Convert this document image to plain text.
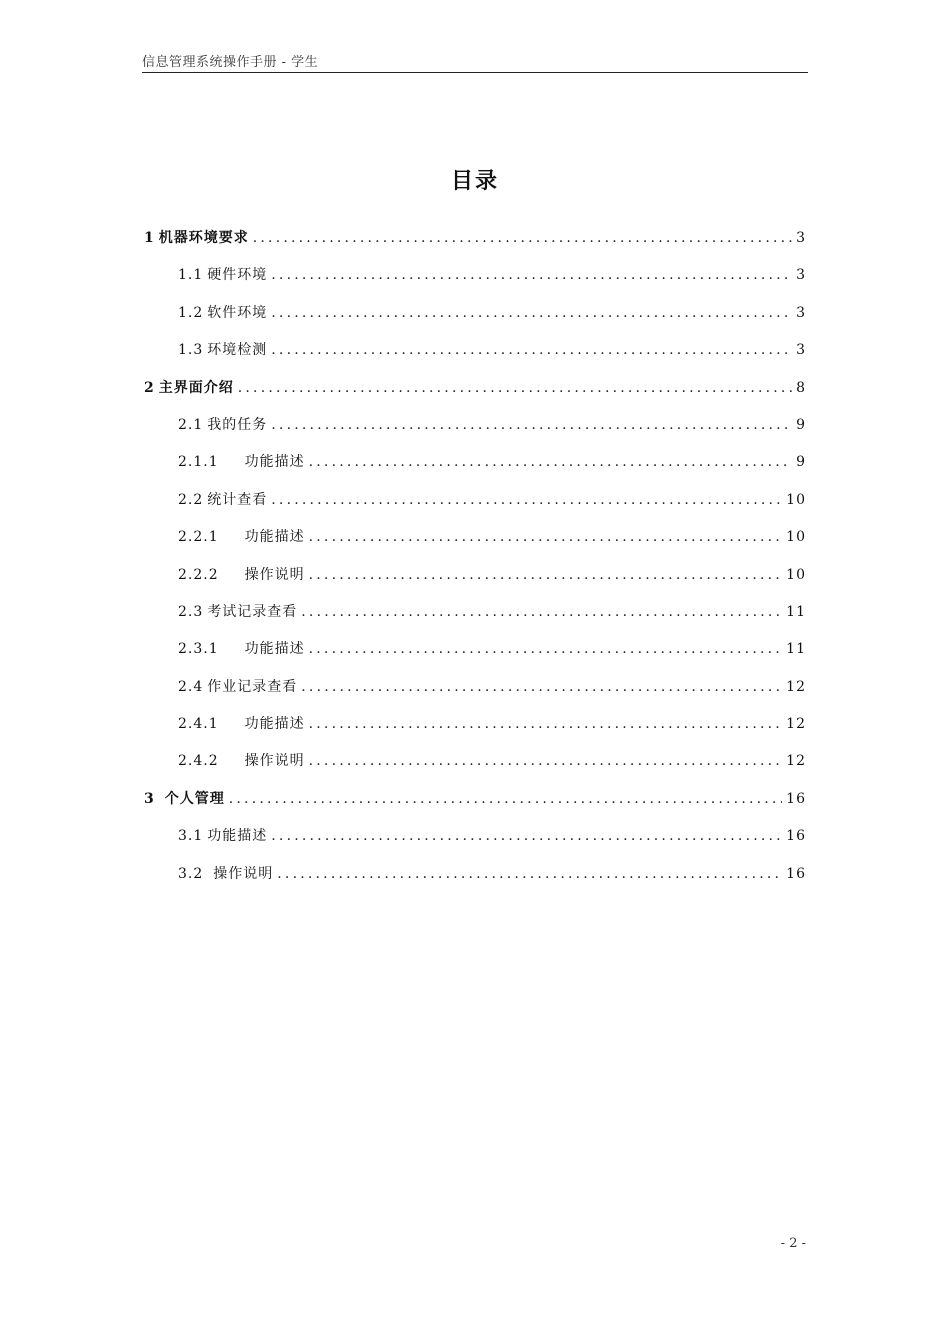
信息管理系统操作手册 - 学生
目录
1 机器环境要求 .....	3
1.1 硬件环境 .....	3
1.2 软件环境 .....	3
1.3 环境检测 .....	3
2 主界面介绍 .....	8
2.1 我的任务 .....	9
2.1.1 功能描述 .....	9
2.2 统计查看 .....	10
2.2.1 功能描述 .....	10
2.2.2 操作说明 .....	10
2.3 考试记录查看 .....	11
2.3.1 功能描述 .....	11
2.4 作业记录查看 .....	12
2.4.1 功能描述 .....	12
2.4.2 操作说明 .....	12
3 个人管理 .....	16
3.1 功能描述 .....	16
3.2 操作说明 .....	16
- 2 -
